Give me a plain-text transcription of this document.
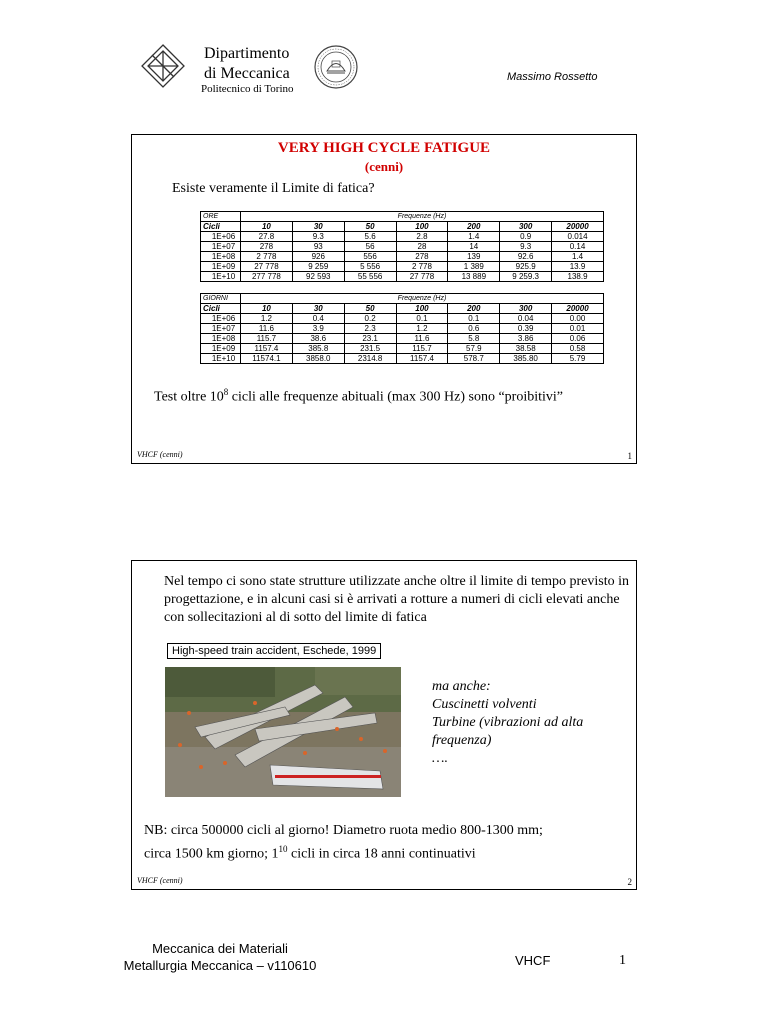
Dipartimento
di Meccanica
Politecnico di Torino
Massimo Rossetto
VERY HIGH CYCLE FATIGUE
(cenni)
Esiste veramente il Limite di fatica?
ORE	Frequenze (Hz)						
Cicli	10	30	50	100	200	300	20000
1E+06	27.8	9.3	5.6	2.8	1.4	0.9	0.014
1E+07	278	93	56	28	14	9.3	0.14
1E+08	2 778	926	556	278	139	92.6	1.4
1E+09	27 778	9 259	5 556	2 778	1 389	925.9	13.9
1E+10	277 778	92 593	55 556	27 778	13 889	9 259.3	138.9
GIORNI	Frequenze (Hz)						
Cicli	10	30	50	100	200	300	20000
1E+06	1.2	0.4	0.2	0.1	0.1	0.04	0.00
1E+07	11.6	3.9	2.3	1.2	0.6	0.39	0.01
1E+08	115.7	38.6	23.1	11.6	5.8	3.86	0.06
1E+09	1157.4	385.8	231.5	115.7	57.9	38.58	0.58
1E+10	11574.1	3858.0	2314.8	1157.4	578.7	385.80	5.79
Test oltre $10^8$ cicli alle frequenze abituali (max 300 Hz) sono “proibitivi”
VHCF (cenni)	1
Nel tempo ci sono state strutture utilizzate anche oltre il limite di tempo previsto in progettazione, e in alcuni casi si è arrivati a rotture a numeri di cicli elevati anche con sollecitazioni al di sotto del limite di fatica
High-speed train accident, Eschede, 1999
ma anche:
Cuscinetti volventi
Turbine (vibrazioni ad alta
frequenza)
….
NB: circa 500000 cicli al giorno! Diametro ruota medio 800-1300 mm;
circa 1500 km giorno; $1^{10}$ cicli in circa 18 anni continuativi
VHCF (cenni)	2
Meccanica dei Materiali
Metallurgia Meccanica – v110610	VHCF	1
